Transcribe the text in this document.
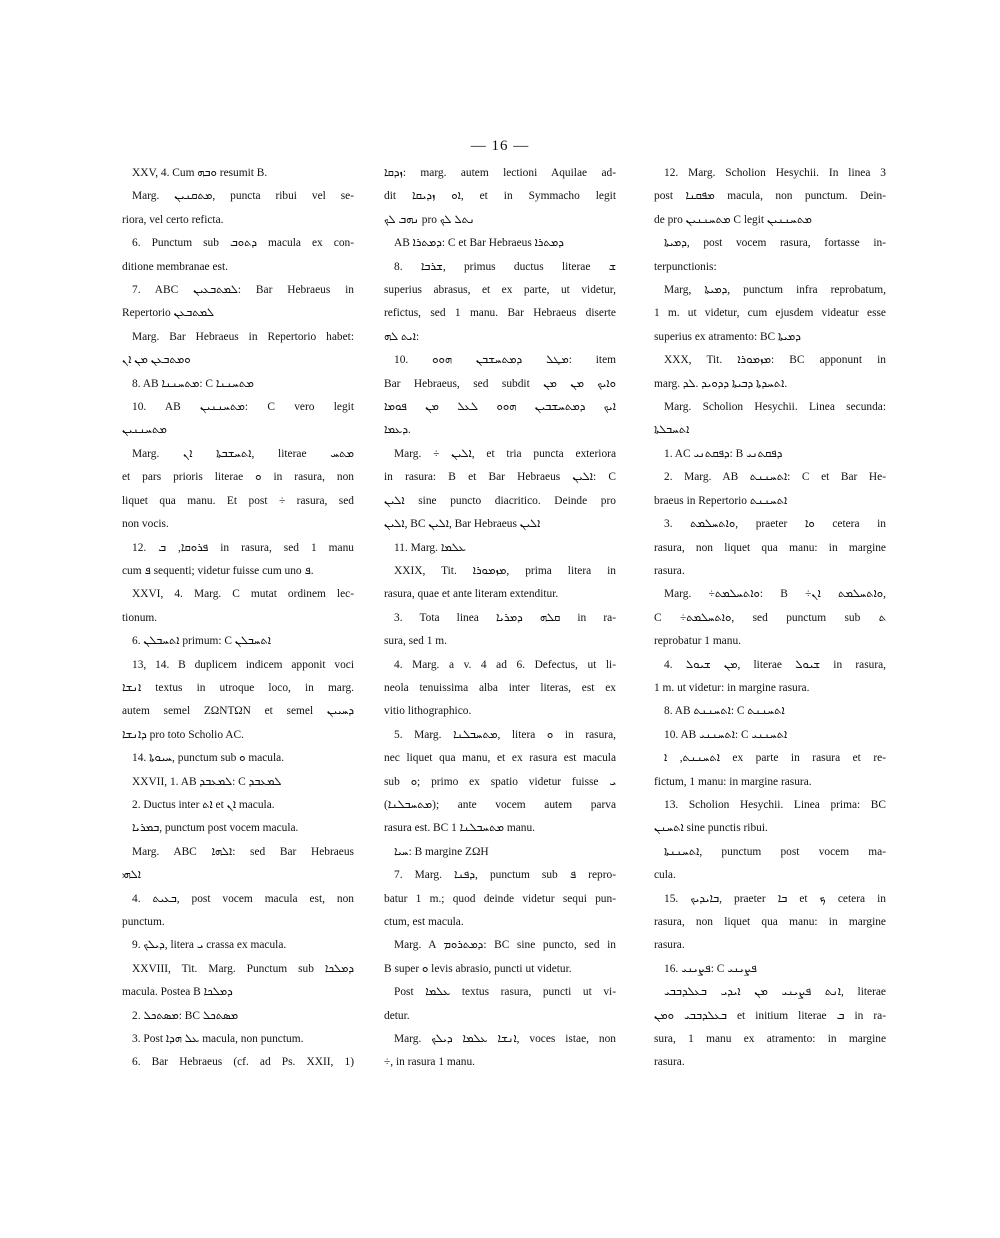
— 16 —
XXV, 4. Cum ܘܒܗ resumit B.
Marg. ܡܬܩܢܝܢ, puncta ribui vel se-
riora, vel certo reficta.
6. Punctum sub ܕܬܘܒ macula ex con-
ditione membranae est.
7. ABC ܠܡܬܒܥܝܢ: Bar Hebraeus in
Repertorio ܠܡܬܒܥܢ
Marg. Bar Hebraeus in Repertorio habet:
ܘܡܬܒܥܢ ܡܢ ܐܢ
8. AB ܡܬܚܢܢܐ: C ܡܬܚܢܢܐ
10. AB ܡܬܚܢܢܝܢ: C vero legit
ܡܬܚܢܢܝܢ
Marg. ܐܬܚܫܒܬܐ ܐܢ, literae ܡܬܚ
et pars prioris literae ܘ in rasura, non
liquet qua manu. Et post ÷ rasura, sed
non vocis.
12. ܦܪܘܩܐ, ܒ in rasura, sed 1 manu
cum ܦ sequenti; videtur fuisse cum uno ܦ.
XXVI, 4. Marg. C mutat ordinem lec-
tionum.
6. ܐܬܚܒܠܢ primum: C ܐܬܚܒܠܢ
13, 14. B duplicem indicem apponit voci
ܐܢܫܐ textus in utroque loco, in marg.
autem semel ΖΩΝΤΩΝ et semel ܕܚܝܝܢ
ܕܐܢܫܐ pro toto Scholio AC.
14. ܚܝܘܬܐ, punctum sub ܘ macula.
XXVII, 1. AB ܠܡܥܒܕ: C ܠܡܥܒܕ
2. Ductus inter ܐܬ et ܐܢ macula.
ܒܡܪܝܐ, punctum post vocem macula.
Marg. ABC ܐܠܗܐ: sed Bar Hebraeus
ܐܠܗܝ
4. ܒܥܝܬ, post vocem macula est, non
punctum.
9. ܕܝܠܟ, litera ܝ crassa ex macula.
XXVIII, Tit. Marg. Punctum sub ܕܡܠܟܐ
macula. Postea B ܕܡܠܟܐ
2. ܡܣܬܟܠ: BC ܡܣܬܟܠ
3. Post ܥܠ ܗܕܐ macula, non punctum.
6. Bar Hebraeus (cf. ad Ps. XXII, 1)
ܙܕܩܐ: marg. autem lectioni Aquilae ad-
dit ܐܘ ܙܕܝܩܐ, et in Symmacho legit
ܢܗܒ ܠܟ pro ܢܬܠ ܠܟ
AB ܕܡܬܪܐ: C et Bar Hebraeus ܕܡܬܪܐ
8. ܫܪܒܐ, primus ductus literae ܫ
superius abrasus, et ex parte, ut videtur,
refictus, sed 1 manu. Bar Hebraeus diserte
ܐܝܬ ܠܗ:
10. ܡܛܠ ܕܡܬܚܫܒܢ ܗܘܘ: item
Bar Hebraeus, sed subdit ܘܐܝܟ ܡܢ ܡܢ
ܐܝܟ ܕܡܬܚܫܒܝܢ ܗܘܘ ܠܥܠ ܡܢ ܦܘܡܐ
ܕܥܡܐ.
Marg. ÷ ܐܠܝܢ, et tria puncta exteriora
in rasura: B et Bar Hebraeus ܐܠܝܢ: C
ܐܠܝܢ sine puncto diacritico. Deinde pro
ܐܠܝܢ, BC ܐܠܝܢ, Bar Hebraeus ܐܠܝܢ
11. Marg. ܥܠܡܐ
XXIX, Tit. ܡܙܡܘܪܐ, prima litera in
rasura, quae et ante literam extenditur.
3. Tota linea ܩܠܗ ܕܡܪܝܐ in ra-
sura, sed 1 m.
4. Marg. a v. 4 ad 6. Defectus, ut li-
neola tenuissima alba inter literas, est ex
vitio lithographico.
5. Marg. ܡܬܚܒܠܢܐ, litera ܘ in rasura,
nec liquet qua manu, et ex rasura est macula
sub ܘ; primo ex spatio videtur fuisse ܝ
(ܡܬܚܒܠܢܐ); ante vocem autem parva
rasura est. BC ܡܬܚܒܠܢܐ 1 manu.
ܚܝܐ: B margine ΖΩΗ
7. Marg. ܕܦܢܐ, punctum sub ܦ repro-
batur 1 m.; quod deinde videtur sequi pun-
ctum, est macula.
Marg. A ܕܡܬܪܘܡ: BC sine puncto, sed in
B super ܘ levis abrasio, puncti ut videtur.
Post ܥܠܡܐ textus rasura, puncti ut vi-
detur.
Marg. ܐܢܫܐ ܥܠܡܐ ܕܝܠܟ, voces istae, non
÷, in rasura 1 manu.
12. Marg. Scholion Hesychii. In linea 3
post ܡܦܩܢܐ macula, non punctum. Dein-
de pro ܡܬܚܢܢܝܢ C legit ܡܬܚܢܢܝܢ
ܕܡܝܬܐ, post vocem rasura, fortasse in-
terpunctionis:
Marg, ܕܡܝܬܐ, punctum infra reprobatum,
1 m. ut videtur, cum ejusdem videatur esse
superius ex atramento: BC ܕܡܝܬܐ
XXX, Tit. ܡܙܡܘܪܐ: BC apponunt in
marg. ܐܬܚܕܬܐ ܕܒܝܬܐ ܕܕܘܝܕ .ܠܕ.
Marg. Scholion Hesychii. Linea secunda:
ܐܬܚܒܠܬܐ
1. AC ܕܦܩܬܢܝ: B ܕܦܩܬܢܝ
2. Marg. AB ܐܬܚܢܢܬ: C et Bar He-
braeus in Repertorio ܐܬܚܢܢܬ
3. ܘܐܬܚܠܡܬ, praeter ܘܐ cetera in
rasura, non liquet qua manu: in margine
rasura.
Marg. ÷ܘܐܬܚܠܡܬ: B ÷ܘܐܬܚܠܡܬ ܐܢ,
C ÷ܘܐܬܚܠܡܬ, sed punctum sub ܬ
reprobatur 1 manu.
4. ܡܢ ܫܝܘܠ, literae ܫܝܘܠ in rasura,
1 m. ut videtur: in margine rasura.
8. AB ܐܬܚܢܢܬ: C ܐܬܚܢܢܬ
10. AB ܐܬܚܢܢܝ: C ܐܬܚܢܢܝ
ܐܬܚܢܢܬ, ܐ ex parte in rasura et re-
fictum, 1 manu: in margine rasura.
13. Scholion Hesychii. Linea prima: BC
ܐܬܚܢܢ sine punctis ribui.
ܐܬܚܢܢܬܐ, punctum post vocem ma-
cula.
15. ܒܐܝܕܝܟ, praeter ܒܐ et ܟ cetera in
rasura, non liquet qua manu: in margine
rasura.
16. ܦܨܝܢܝ: C ܦܨܝܢܝ
ܐܢܬ ܦܨܝܢܝ ܡܢ ܐܝܕܝ ܒܥܠܕܒܒܝ, literae
ܒܥܠܕܒܒܝ ܘܡܢ et initium literae ܒ in ra-
sura, 1 manu ex atramento: in margine
rasura.
